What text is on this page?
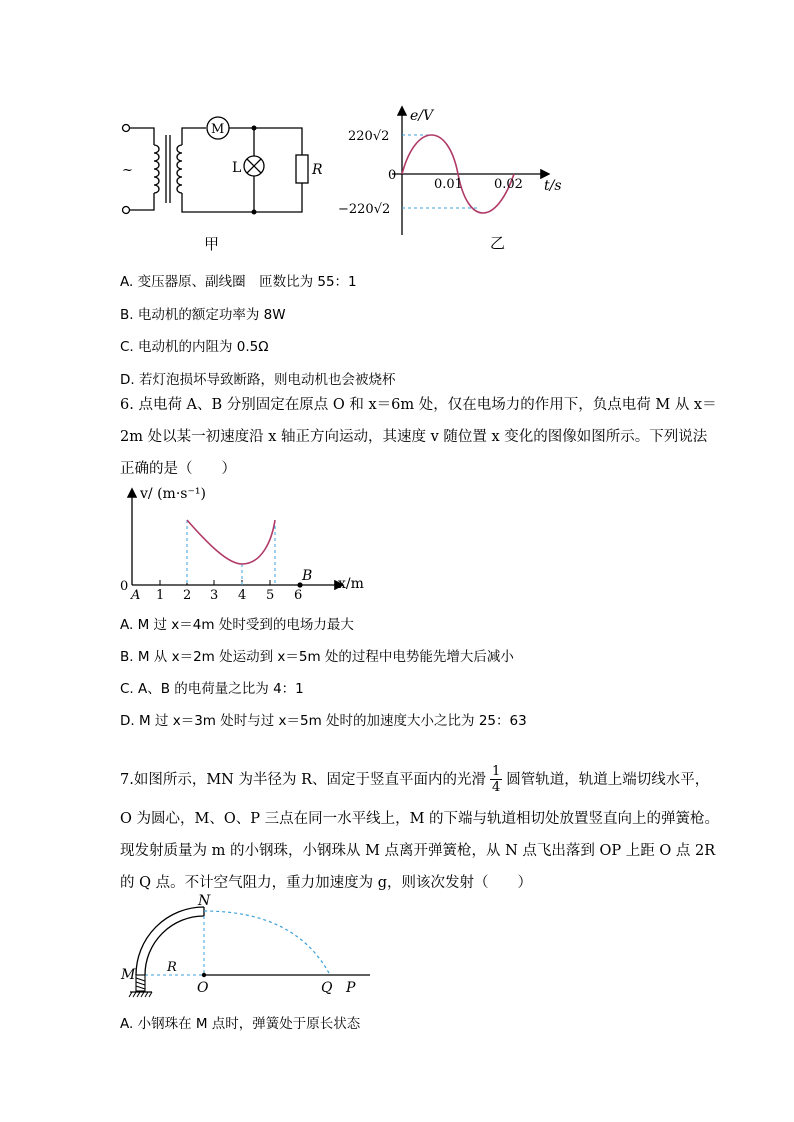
~
M
L	R
甲
e/V
t/s
0
220√2
−220√2
0.01 0.02
乙
A. 变压器原、副线圈　匝数比为 55：1
B. 电动机的额定功率为 8W
C. 电动机的内阻为 0.5Ω
D. 若灯泡损坏导致断路，则电动机也会被烧杯
6. 点电荷 A、B 分别固定在原点 O 和 x＝6m 处，仅在电场力的作用下，负点电荷 M 从 x＝
2m 处以某一初速度沿 x 轴正方向运动，其速度 v 随位置 x 变化的图像如图所示。下列说法
正确的是（　　）
v/ (m·s⁻¹)
x/m
0
A
B
1 2 3 4 5 6
A. M 过 x＝4m 处时受到的电场力最大
B. M 从 x＝2m 处运动到 x＝5m 处的过程中电势能先增大后减小
C. A、B 的电荷量之比为 4：1
D. M 过 x＝3m 处时与过 x＝5m 处时的加速度大小之比为 25：63
7.如图所示，MN 为半径为 R、固定于竖直平面内的光滑 $\frac{1}{4}$ 圆管轨道，轨道上端切线水平，
O 为圆心，M、O、P 三点在同一水平线上，M 的下端与轨道相切处放置竖直向上的弹簧枪。
现发射质量为 m 的小钢珠，小钢珠从 M 点离开弹簧枪，从 N 点飞出落到 OP 上距 O 点 2R
的 Q 点。不计空气阻力，重力加速度为 g，则该次发射（　　）
N
M R
O	Q P
A. 小钢珠在 M 点时，弹簧处于原长状态
